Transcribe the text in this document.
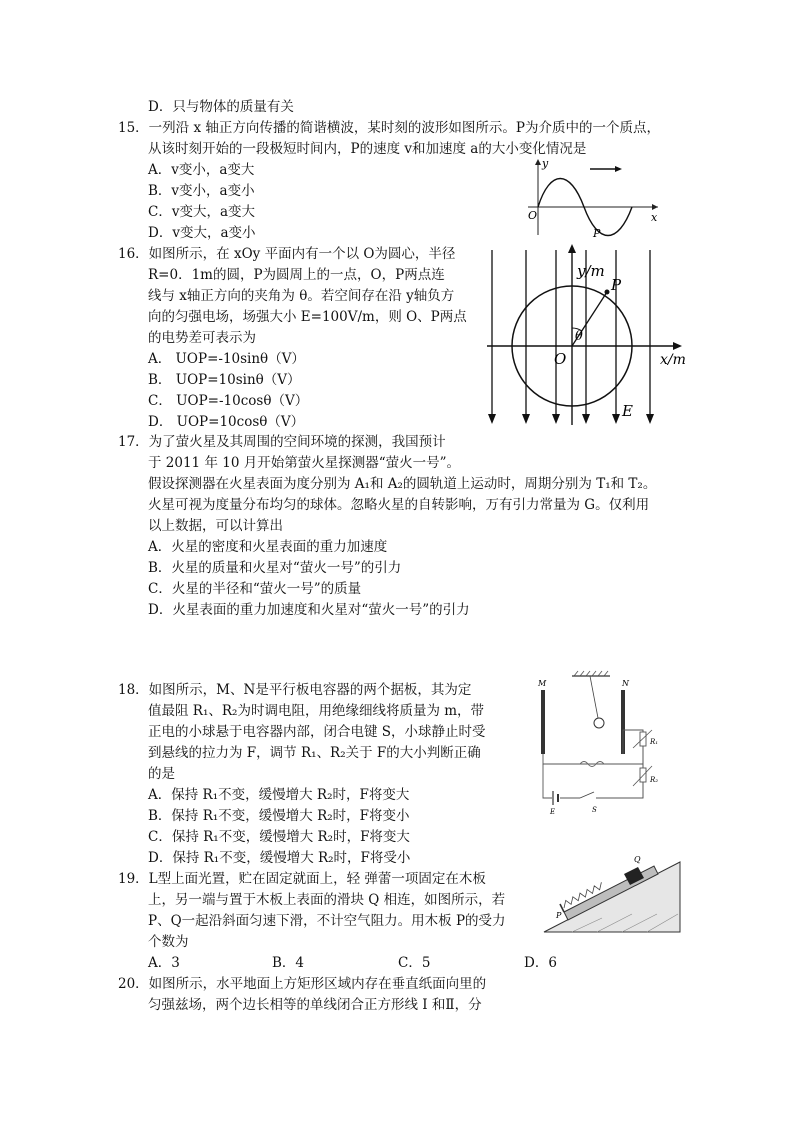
D．只与物体的质量有关
15．一列沿 x 轴正方向传播的简谐横波，某时刻的波形如图所示。P为介质中的一个质点，
从该时刻开始的一段极短时间内，P的速度 v和加速度 a的大小变化情况是
A．v变小，a变大
B．v变小，a变小
C．v变大，a变大
D．v变大，a变小
y
x
O
P
16．如图所示，在 xOy 平面内有一个以 O为圆心，半径
R=0．1m的圆，P为圆周上的一点，O，P两点连
线与 x轴正方向的夹角为 θ。若空间存在沿 y轴负方
向的匀强电场，场强大小 E=100V/m，则 O、P两点
的电势差可表示为
A． UOP=-10sinθ（V）
B． UOP=10sinθ（V）
C． UOP=-10cosθ（V）
D． UOP=10cosθ（V）
y/m
x/m
O
P
θ
E
17．为了萤火星及其周围的空间环境的探测，我国预计
于 2011 年 10 月开始第萤火星探测器“萤火一号”。
假设探测器在火星表面为度分别为 A₁和 A₂的圆轨道上运动时，周期分别为 T₁和 T₂。
火星可视为度量分布均匀的球体。忽略火星的自转影响，万有引力常量为 G。仅利用
以上数据，可以计算出
A．火星的密度和火星表面的重力加速度
B．火星的质量和火星对“萤火一号”的引力
C．火星的半径和“萤火一号”的质量
D．火星表面的重力加速度和火星对“萤火一号”的引力
18．如图所示，M、N是平行板电容器的两个据板，其为定
值最阻 R₁、R₂为时调电阻，用绝缘细线将质量为 m，带
正电的小球悬于电容器内部，闭合电键 S，小球静止时受
到悬线的拉力为 F，调节 R₁、R₂关于 F的大小判断正确
的是
A．保持 R₁不变，缓慢增大 R₂时，F将变大
B．保持 R₁不变，缓慢增大 R₂时，F将变小
C．保持 R₁不变，缓慢增大 R₂时，F将变大
D．保持 R₁不变，缓慢增大 R₂时，F将受小
M	N
R₁
R₂
E	S
19．L型上面光置，贮在固定就面上，轻 弹蕾一项固定在木板
上，另一端与置于木板上表面的滑块 Q 相连，如图所示，若
P、Q一起沿斜面匀速下滑，不计空气阻力。用木板 P的受力
个数为
A．3	B．4	C．5	D．6
P
Q
20．如图所示，水平地面上方矩形区域内存在垂直纸面向里的
匀强兹场，两个边长相等的单线闭合正方形线 I 和Ⅱ，分
